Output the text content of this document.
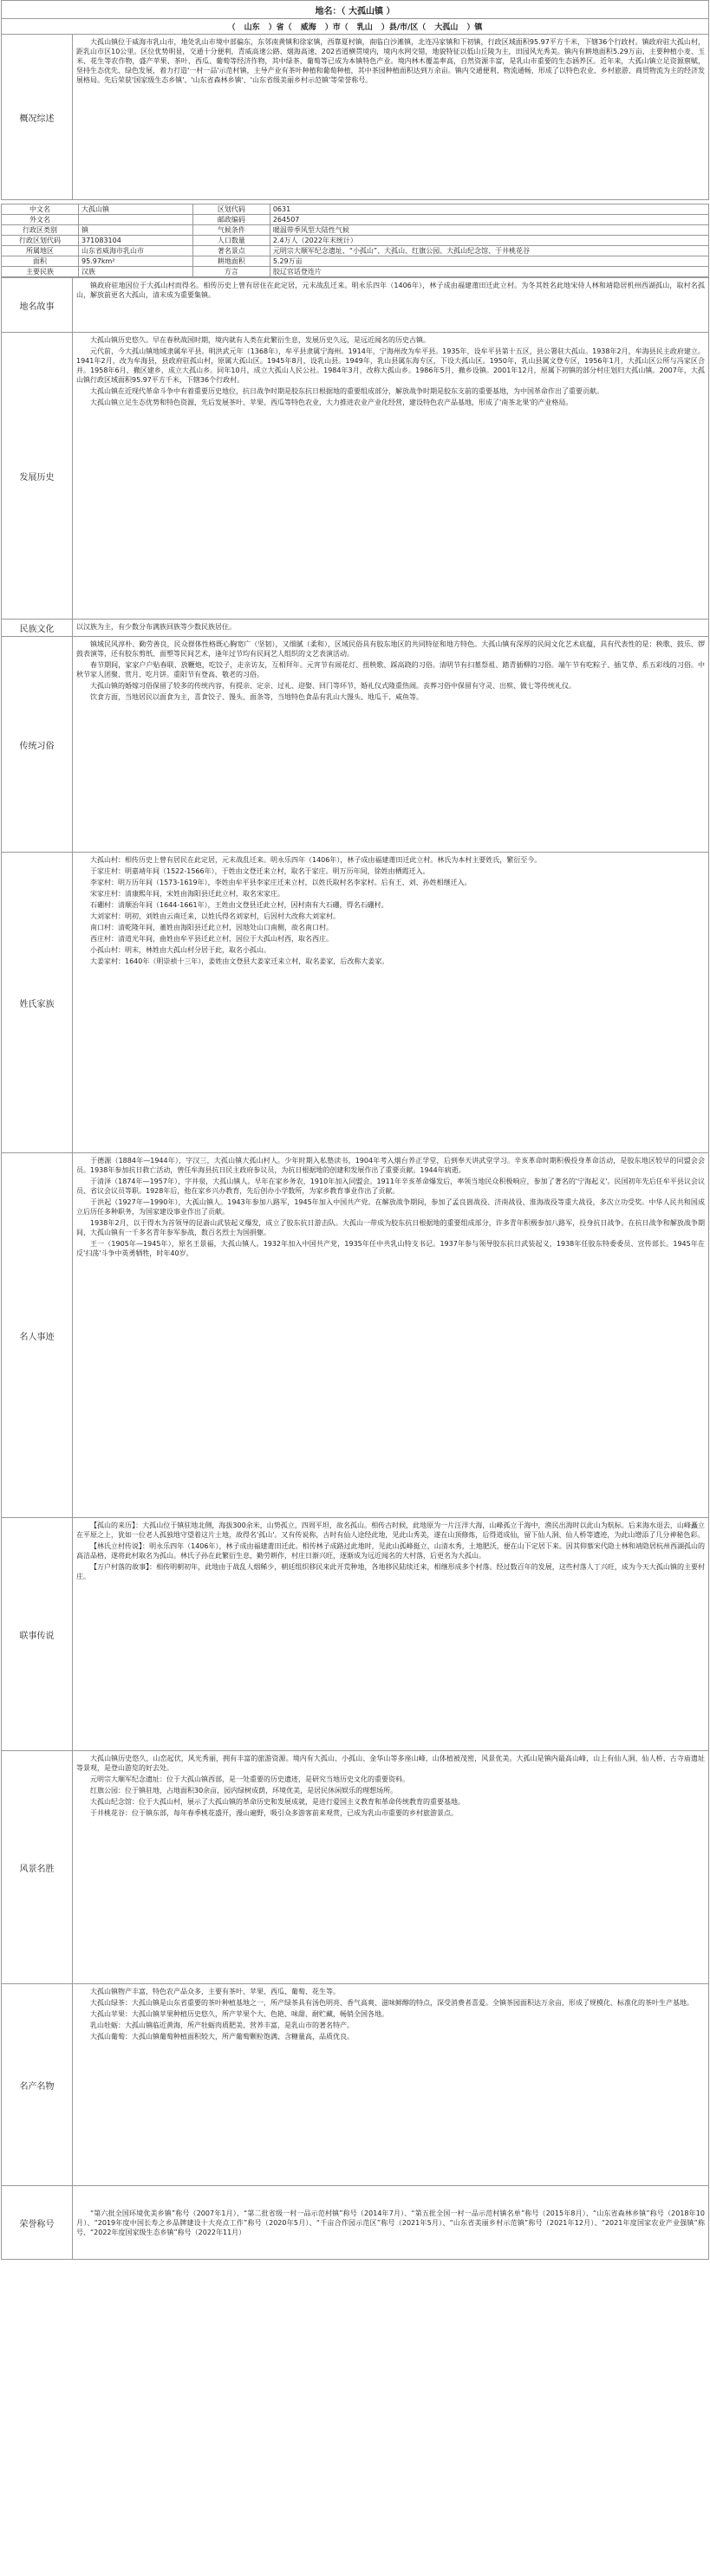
地名：（ 大孤山镇 ）
（ 山东 ）省（ 威海 ）市（ 乳山 ）县/市/区（ 大孤山 ）镇
概况综述

大孤山镇位于威海市乳山市，地处乳山市境中部偏东，东邻南黄镇和徐家镇，西靠夏村镇，南临白沙滩镇，北连冯家镇和下初镇，行政区域面积95.97平方千米，下辖36个行政村。镇政府驻大孤山村，距乳山市区10公里。区位优势明显，交通十分便利，青威高速公路、烟海高速、202省道横贯境内，境内水网交错，地貌特征以低山丘陵为主，田园风光秀美。镇内有耕地面积5.29万亩，主要种植小麦、玉米、花生等农作物，盛产苹果、茶叶、西瓜、葡萄等经济作物，其中绿茶、葡萄等已成为本镇特色产业。境内林木覆盖率高，自然资源丰富，是乳山市重要的生态涵养区。近年来，大孤山镇立足资源禀赋，坚持生态优先、绿色发展，着力打造'一村一品'示范村镇，主导产业有茶叶种植和葡萄种植，其中茶园种植面积达到万余亩。镇内交通便利、物流通畅，形成了以特色农业、乡村旅游、商贸物流为主的经济发展格局。先后荣获'国家级生态乡镇'、'山东省森林乡镇'、'山东省级美丽乡村示范镇'等荣誉称号。

中文名	大孤山镇	区划代码	0631
外文名		邮政编码	264507
行政区类别	镇	气候条件	暖温带季风型大陆性气候
行政区划代码	371083104	人口数量	2.4万人（2022年末统计）
所属地区	山东省威海市乳山市	著名景点	元明宗大顺军纪念遗址、“小孤山”、大孤山、红旗公园、大孤山纪念馆、于井桃花谷
面积	95.97km²	耕地面积	5.29万亩
主要民族	汉族	方言	胶辽官话登连片
地名故事

镇政府驻地因位于大孤山村而得名。相传历史上曾有居住在此定居，元末战乱迁来。明永乐四年（1406年），林子成由福建莆田迁此立村。为冬其姓名此地宋侍人林和靖隐居机州西湖孤山，取村名孤山，解放前更名大孤山，清末成为重要集镇。

发展历史

大孤山镇历史悠久。早在春秋战国时期，境内就有人类在此繁衍生息，发展历史久远，是远近闻名的历史古镇。

元代前，今大孤山镇地域隶属牟平县。明洪武元年（1368年），牟平县隶属宁海州。1914年，宁海州改为牟平县。1935年，设牟平县第十五区，县公署驻大孤山。1938年2月，牟海县民主政府建立。1941年2月，改为牟海县，县政府驻孤山村，原属大孤山区。1945年8月，设乳山县。1949年，乳山县属东海专区，下设大孤山区。1950年，乳山县属文登专区，1956年1月，大孤山区公所与冯家区合并。1958年6月，撤区建乡，成立大孤山乡。同年10月，成立大孤山人民公社。1984年3月，改称大孤山乡。1986年5月，撤乡设镇。2001年12月，原属下初镇的部分村庄划归大孤山镇。2007年，大孤山镇行政区域面积95.97平方千米，下辖36个行政村。

大孤山镇在近现代革命斗争中有着重要历史地位，抗日战争时期是胶东抗日根据地的重要组成部分，解放战争时期是胶东支前的重要基地，为中国革命作出了重要贡献。

大孤山镇立足生态优势和特色资源，先后发展茶叶、苹果、西瓜等特色农业，大力推进农业产业化经营，建设特色农产品基地，形成了'南茶北果'的产业格局。

民族文化	以汉族为主，有少数分布满族回族等少数民族居住。
传统习俗

镇域民风淳朴、勤劳善良，民众群体性格既心胸宽广（坚韧），又细腻（柔和），区域民俗具有胶东地区的共同特征和地方特色。大孤山镇有深厚的民间文化艺术底蕴，具有代表性的是：秧歌、鼓乐、锣鼓表演等，还有胶东剪纸、面塑等民间艺术，逢年过节均有民间艺人组织的文艺表演活动。

春节期间，家家户户贴春联、放鞭炮，吃饺子，走亲访友，互相拜年。元宵节有闹花灯、扭秧歌、踩高跷的习俗。清明节有扫墓祭祖、踏青插柳的习俗。端午节有吃粽子、插艾草、系五彩线的习俗。中秋节家人团聚、赏月、吃月饼。重阳节有登高、敬老的习俗。

大孤山镇的婚嫁习俗保留了较多的传统内容，有提亲、定亲、过礼、迎娶、回门等环节，婚礼仪式隆重热闹。丧葬习俗中保留有守灵、出殡、做七等传统礼仪。

饮食方面，当地居民以面食为主，喜食饺子、馒头、面条等，当地特色食品有乳山大馒头、地瓜干、咸鱼等。

姓氏家族

大孤山村：相传历史上曾有居民在此定居，元末战乱迁来。明永乐四年（1406年），林子成由福建莆田迁此立村。林氏为本村主要姓氏，繁衍至今。

于家庄村：明嘉靖年间（1522-1566年），于姓由文登迁来立村，取名于家庄。明万历年间，徐姓由栖霞迁入。

李家村：明万历年间（1573-1619年），李姓由牟平县李家庄迁来立村，以姓氏取村名李家村。后有王、刘、孙姓相继迁入。

宋家庄村：清康熙年间，宋姓由海阳县迁此立村，取名宋家庄。

石硼村：清顺治年间（1644-1661年），王姓由文登县迁此立村，因村南有大石硼，得名石硼村。

大刘家村：明初，刘姓由云南迁来，以姓氏得名刘家村，后因村大改称大刘家村。

南口村：清乾隆年间，董姓由海阳县迁此立村，因地处山口南侧，故名南口村。

西庄村：清道光年间，曲姓由牟平县迁此立村，因位于大孤山村西，取名西庄。

小孤山村：明末，林姓由大孤山村分居于此，取名小孤山。

大姜家村：1640年（明崇祯十三年），姜姓由文登县大姜家迁来立村，取名姜家，后改称大姜家。

名人事迹

于德源（1884年—1944年），字汉三，大孤山镇大孤山村人。少年时期入私塾读书，1904年考入烟台养正学堂，后到奉天讲武堂学习。辛亥革命时期积极投身革命活动，是胶东地区较早的同盟会会员。1938年参加抗日救亡活动，曾任牟海县抗日民主政府参议员，为抗日根据地的创建和发展作出了重要贡献。1944年病逝。

于清泽（1874年—1957年），字井泉，大孤山镇人。早年在家乡务农，1910年加入同盟会。1911年辛亥革命爆发后，率领当地民众积极响应，参加了著名的'宁海起义'。民国初年先后任牟平县议会议员、省议会议员等职。1928年后，他在家乡兴办教育，先后创办小学数所，为家乡教育事业作出了贡献。

于洪起（1927年—1990年），大孤山镇人。1943年参加八路军，1945年加入中国共产党。在解放战争期间，参加了孟良崮战役、济南战役、淮海战役等重大战役，多次立功受奖。中华人民共和国成立后历任多种职务，为国家建设事业作出了贡献。

1938年2月，以于得水为首领导的昆嵛山武装起义爆发，成立了胶东抗日游击队。大孤山一带成为胶东抗日根据地的重要组成部分，许多青年积极参加八路军，投身抗日战争。在抗日战争和解放战争期间，大孤山镇有一千多名青年参军参战，数百名烈士为国捐躯。

王一（1905年—1945年），原名王景福，大孤山镇人。1932年加入中国共产党，1935年任中共乳山特支书记。1937年参与领导胶东抗日武装起义，1938年任胶东特委委员、宣传部长。1945年在反'扫荡'斗争中英勇牺牲，时年40岁。

联事传说

【孤山的来历】：大孤山位于镇驻地北侧，海拔300余米，山势孤立，四周平坦，故名孤山。相传古时候，此地原为一片汪洋大海，山峰孤立于海中，渔民出海时以此山为航标。后来海水退去，山峰矗立在平原之上，犹如一位老人孤独地守望着这片土地，故得名'孤山'。又有传说称，古时有仙人途经此地，见此山秀美，遂在山顶修炼，后得道成仙，留下仙人洞、仙人桥等遗迹，为此山增添了几分神秘色彩。

【林氏立村传说】：明永乐四年（1406年），林子成由福建莆田迁此。相传林子成路过此地时，见此山孤峰挺立，山清水秀，土地肥沃，便在山下定居下来。因其仰慕宋代隐士林和靖隐居杭州西湖孤山的高洁品格，遂将此村取名为孤山。林氏子孙在此繁衍生息，勤劳耕作，村庄日渐兴旺，逐渐成为远近闻名的大村落，后更名为大孤山。

【万户村落的故事】：相传明朝初年，此地由于战乱人烟稀少，朝廷组织移民来此开荒种地，各地移民陆续迁来，相继形成多个村落。经过数百年的发展，这些村落人丁兴旺，成为今天大孤山镇的主要村庄。

风景名胜

大孤山镇历史悠久，山峦起伏，风光秀丽，拥有丰富的旅游资源。境内有大孤山、小孤山、金华山等多座山峰，山体植被茂密，风景优美。大孤山是镇内最高山峰，山上有仙人洞、仙人桥、古寺庙遗址等景观，是登山游览的好去处。

元明宗大顺军纪念遗址：位于大孤山镇西部，是一处重要的历史遗迹，是研究当地历史文化的重要资料。

红旗公园：位于镇驻地，占地面积30余亩，园内绿树成荫，环境优美，是居民休闲娱乐的理想场所。

大孤山纪念馆：位于大孤山村，展示了大孤山镇的革命历史和发展成就，是进行爱国主义教育和革命传统教育的重要基地。

于井桃花谷：位于镇东部，每年春季桃花盛开，漫山遍野，吸引众多游客前来观赏，已成为乳山市重要的乡村旅游景点。

名产名物

大孤山镇物产丰富，特色农产品众多，主要有茶叶、苹果、西瓜、葡萄、花生等。

大孤山绿茶：大孤山镇是山东省重要的茶叶种植基地之一，所产绿茶具有汤色明亮、香气高爽、滋味鲜醇的特点，深受消费者喜爱。全镇茶园面积达万余亩，形成了规模化、标准化的茶叶生产基地。

大孤山苹果：大孤山镇苹果种植历史悠久，所产苹果个大、色艳、味甜、耐贮藏，畅销全国各地。

乳山牡蛎：大孤山镇临近黄海，所产牡蛎肉质肥美、营养丰富，是乳山市的著名特产。

大孤山葡萄：大孤山镇葡萄种植面积较大，所产葡萄颗粒饱满、含糖量高，品质优良。

荣誉称号

“第六批全国环境优美乡镇”称号（2007年1月）、“第二批省级一村一品示范村镇”称号（2014年7月）、“第五批全国一村一品示范村镇名单”称号（2015年8月）、“山东省森林乡镇”称号（2018年10月）、“2019年度中国长寿之乡品牌建设十大亮点工作”称号（2020年5月）、“千亩合作园示范区”称号（2021年5月）、“山东省美丽乡村示范镇”称号（2021年12月）、“2021年度国家农业产业强镇”称号、“2022年度国家级生态乡镇”称号（2022年11月）
